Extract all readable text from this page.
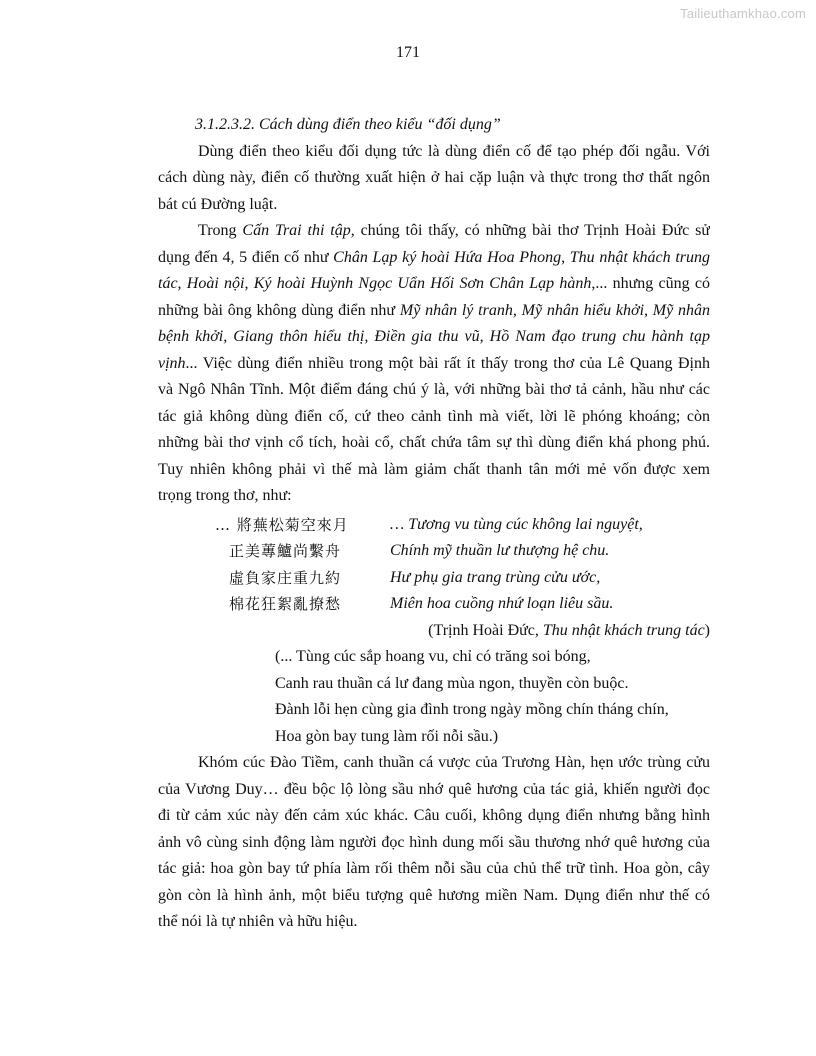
Tailieuthamkhao.com
171
3.1.2.3.2. Cách dùng điển theo kiểu “đối dụng”
Dùng điển theo kiểu đối dụng tức là dùng điển cố để tạo phép đối ngẫu. Với
cách dùng này, điển cố thường xuất hiện ở hai cặp luận và thực trong thơ thất ngôn
bát cú Đường luật.
Trong Cấn Trai thi tập, chúng tôi thấy, có những bài thơ Trịnh Hoài Đức sử
dụng đến 4, 5 điển cố như Chân Lạp ký hoài Hứa Hoa Phong, Thu nhật khách trung
tác, Hoài nội, Ký hoài Huỳnh Ngọc Uẩn Hối Sơn Chân Lạp hành,... nhưng cũng có
những bài ông không dùng điển như Mỹ nhân lý tranh, Mỹ nhân hiểu khởi, Mỹ nhân
bệnh khởi, Giang thôn hiểu thị, Điền gia thu vũ, Hồ Nam đạo trung chu hành tạp
vịnh... Việc dùng điển nhiều trong một bài rất ít thấy trong thơ của Lê Quang Định
và Ngô Nhân Tĩnh. Một điểm đáng chú ý là, với những bài thơ tả cảnh, hầu như các
tác giả không dùng điển cố, cứ theo cảnh tình mà viết, lời lẽ phóng khoáng; còn
những bài thơ vịnh cổ tích, hoài cổ, chất chứa tâm sự thì dùng điển khá phong phú.
Tuy nhiên không phải vì thế mà làm giảm chất thanh tân mới mẻ vốn được xem
trọng trong thơ, như:
… 將蕪松菊空來月	… Tương vu tùng cúc không lai nguyệt,
正美蓴鱸尚繫舟	Chính mỹ thuần lư thượng hệ chu.
虛負家庄重九約	Hư phụ gia trang trùng cửu ước,
棉花狂絮亂撩愁	Miên hoa cuồng nhứ loạn liêu sầu.
(Trịnh Hoài Đức, Thu nhật khách trung tác)
(... Tùng cúc sắp hoang vu, chỉ có trăng soi bóng,
Canh rau thuần cá lư đang mùa ngon, thuyền còn buộc.
Đành lỗi hẹn cùng gia đình trong ngày mồng chín tháng chín,
Hoa gòn bay tung làm rối nỗi sầu.)
Khóm cúc Đào Tiềm, canh thuần cá vược của Trương Hàn, hẹn ước trùng cửu
của Vương Duy… đều bộc lộ lòng sầu nhớ quê hương của tác giả, khiến người đọc
đi từ cảm xúc này đến cảm xúc khác. Câu cuối, không dụng điển nhưng bằng hình
ảnh vô cùng sinh động làm người đọc hình dung mối sầu thương nhớ quê hương của
tác giả: hoa gòn bay tứ phía làm rối thêm nỗi sầu của chủ thể trữ tình. Hoa gòn, cây
gòn còn là hình ảnh, một biểu tượng quê hương miền Nam. Dụng điển như thế có
thể nói là tự nhiên và hữu hiệu.
